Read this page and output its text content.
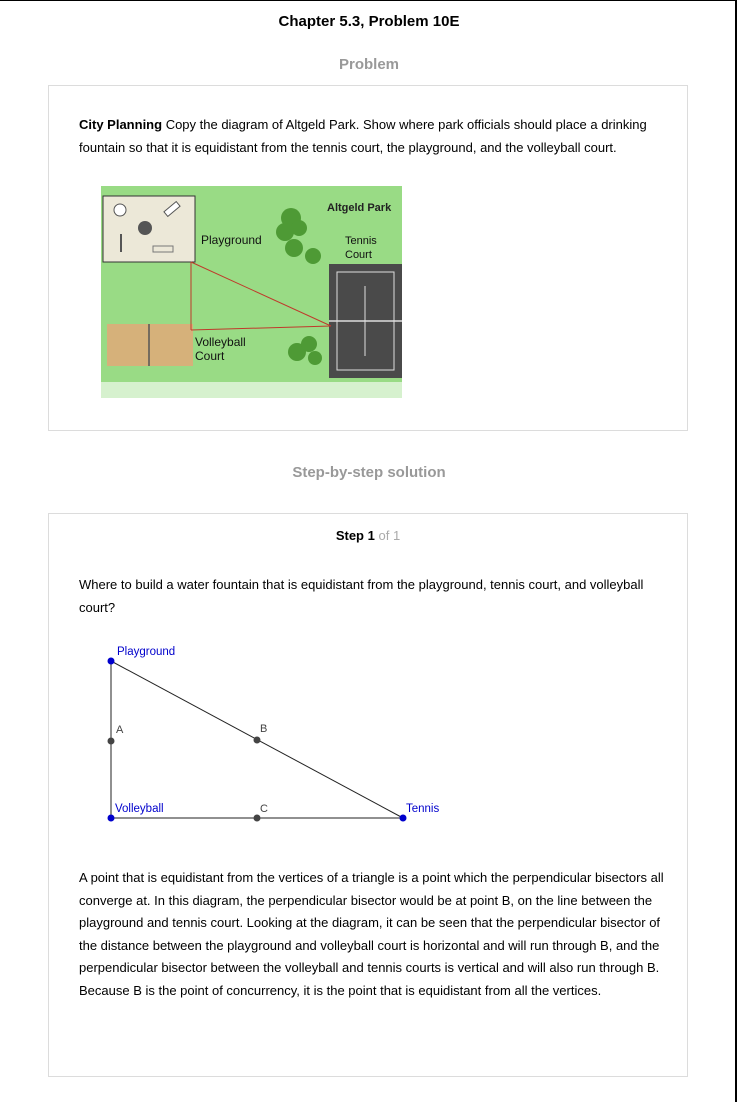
Chapter 5.3, Problem 10E
Problem

City Planning Copy the diagram of Altgeld Park. Show where park officials should place a drinking fountain so that it is equidistant from the tennis court, the playground, and the volleyball court.

Altgeld Park
Playground	Tennis
Court
Volleyball
Court
Step-by-step solution
Step 1 of 1

Where to build a water fountain that is equidistant from the playground, tennis court, and volleyball court?

Playground
Volleyball	Tennis
A	B
C

A point that is equidistant from the vertices of a triangle is a point which the perpendicular bisectors all converge at. In this diagram, the perpendicular bisector would be at point B, on the line between the playground and tennis court. Looking at the diagram, it can be seen that the perpendicular bisector of the distance between the playground and volleyball court is horizontal and will run through B, and the perpendicular bisector between the volleyball and tennis courts is vertical and will also run through B. Because B is the point of concurrency, it is the point that is equidistant from all the vertices.
